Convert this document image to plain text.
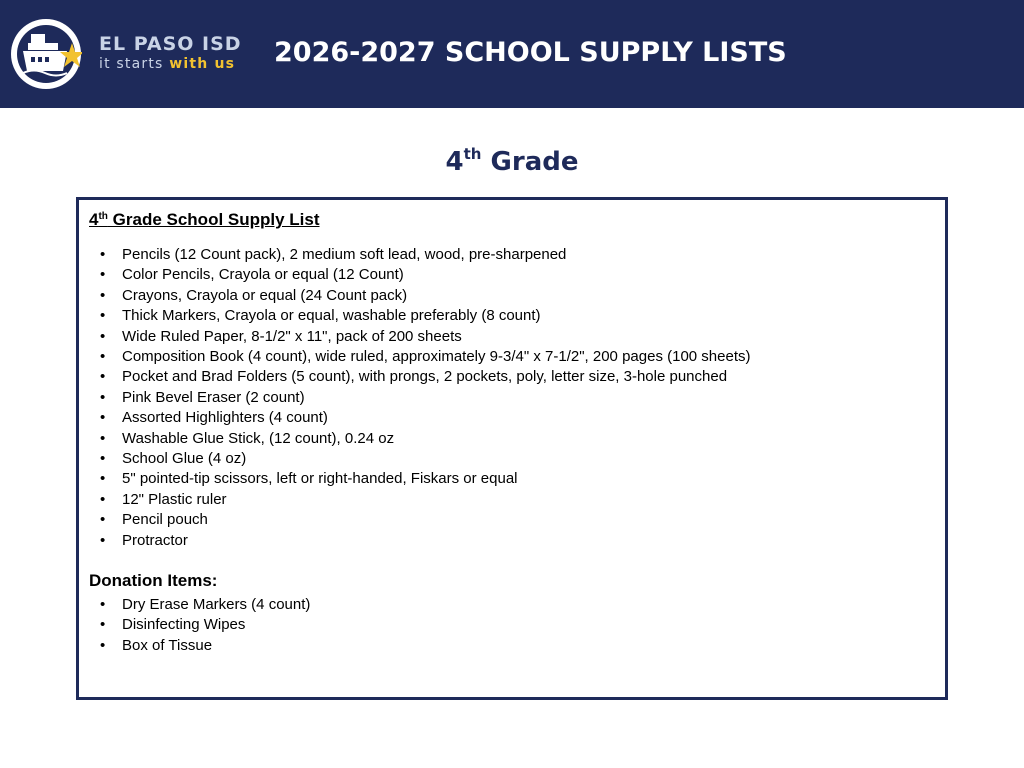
EL PASO ISD
it starts with us 2026-2027 SCHOOL SUPPLY LISTS
4th Grade
4th Grade School Supply List
• Pencils (12 Count pack), 2 medium soft lead, wood, pre-sharpened
• Color Pencils, Crayola or equal (12 Count)
• Crayons, Crayola or equal (24 Count pack)
• Thick Markers, Crayola or equal, washable preferably (8 count)
• Wide Ruled Paper, 8-1/2" x 11", pack of 200 sheets
• Composition Book (4 count), wide ruled, approximately 9-3/4" x 7-1/2", 200 pages (100 sheets)
• Pocket and Brad Folders (5 count), with prongs, 2 pockets, poly, letter size, 3-hole punched
• Pink Bevel Eraser (2 count)
• Assorted Highlighters (4 count)
• Washable Glue Stick, (12 count), 0.24 oz
• School Glue (4 oz)
• 5" pointed-tip scissors, left or right-handed, Fiskars or equal
• 12" Plastic ruler
• Pencil pouch
• Protractor
Donation Items:
• Dry Erase Markers (4 count)
• Disinfecting Wipes
• Box of Tissue
